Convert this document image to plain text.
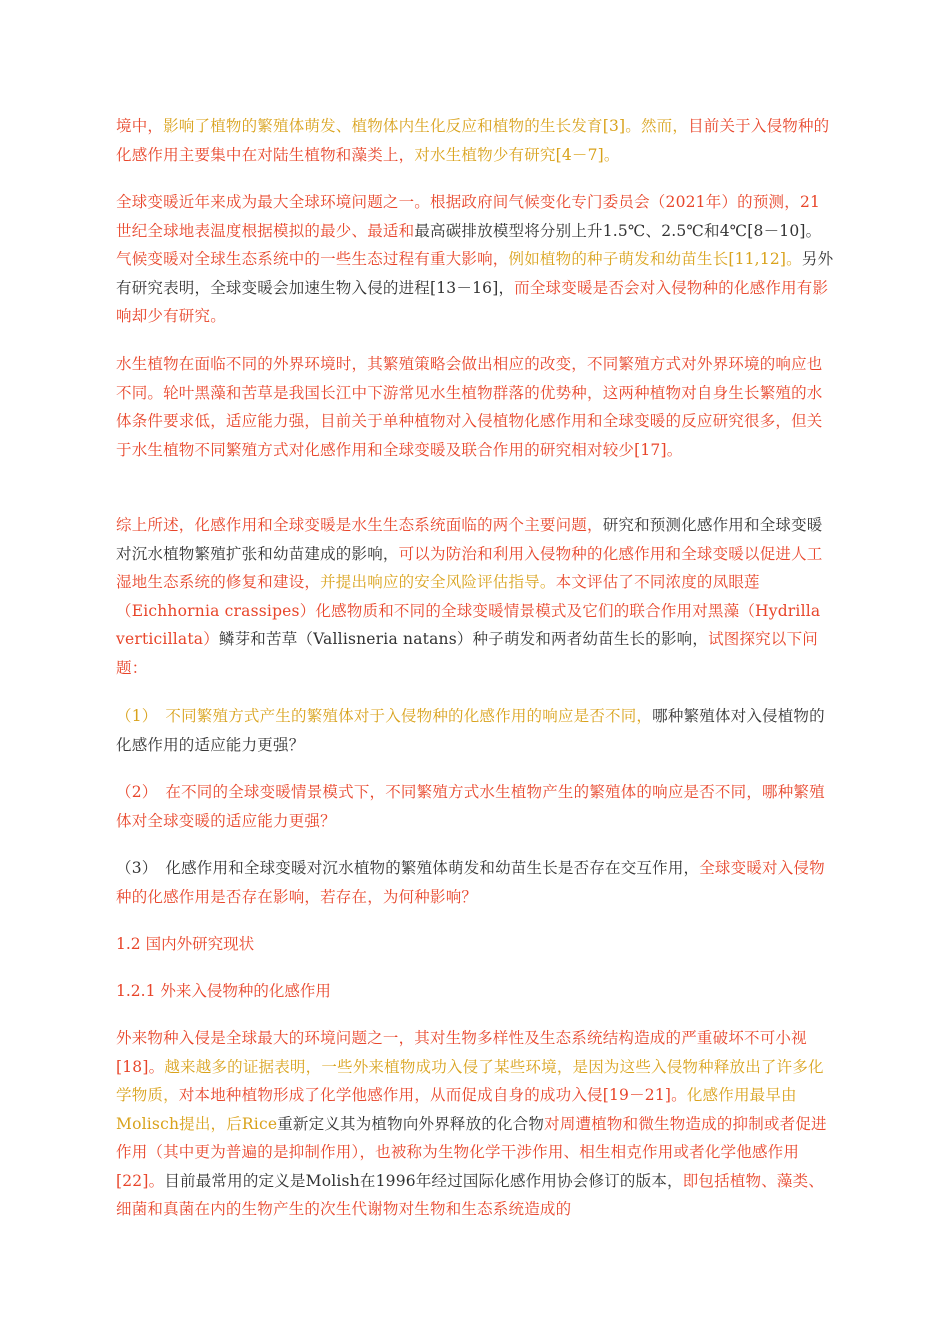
境中，影响了植物的繁殖体萌发、植物体内生化反应和植物的生长发育[3]。然而，目前关于入侵物种的化感作用主要集中在对陆生植物和藻类上，对水生植物少有研究[4－7]。

全球变暖近年来成为最大全球环境问题之一。根据政府间气候变化专门委员会（2021年）的预测，21世纪全球地表温度根据模拟的最少、最适和最高碳排放模型将分别上升1.5℃、2.5℃和4℃[8－10]。气候变暖对全球生态系统中的一些生态过程有重大影响，例如植物的种子萌发和幼苗生长[11,12]。另外有研究表明，全球变暖会加速生物入侵的进程[13－16]，而全球变暖是否会对入侵物种的化感作用有影响却少有研究。

水生植物在面临不同的外界环境时，其繁殖策略会做出相应的改变，不同繁殖方式对外界环境的响应也不同。轮叶黑藻和苦草是我国长江中下游常见水生植物群落的优势种，这两种植物对自身生长繁殖的水体条件要求低，适应能力强，目前关于单种植物对入侵植物化感作用和全球变暖的反应研究很多，但关于水生植物不同繁殖方式对化感作用和全球变暖及联合作用的研究相对较少[17]。

综上所述，化感作用和全球变暖是水生生态系统面临的两个主要问题，研究和预测化感作用和全球变暖对沉水植物繁殖扩张和幼苗建成的影响，可以为防治和利用入侵物种的化感作用和全球变暖以促进人工湿地生态系统的修复和建设，并提出响应的安全风险评估指导。本文评估了不同浓度的凤眼莲（Eichhornia crassipes）化感物质和不同的全球变暖情景模式及它们的联合作用对黑藻（Hydrilla verticillata）鳞芽和苦草（Vallisneria natans）种子萌发和两者幼苗生长的影响，试图探究以下问题：

（1）　不同繁殖方式产生的繁殖体对于入侵物种的化感作用的响应是否不同，哪种繁殖体对入侵植物的化感作用的适应能力更强？

（2）　在不同的全球变暖情景模式下，不同繁殖方式水生植物产生的繁殖体的响应是否不同，哪种繁殖体对全球变暖的适应能力更强？

（3）　化感作用和全球变暖对沉水植物的繁殖体萌发和幼苗生长是否存在交互作用，全球变暖对入侵物种的化感作用是否存在影响，若存在，为何种影响？

1.2 国内外研究现状

1.2.1 外来入侵物种的化感作用

外来物种入侵是全球最大的环境问题之一，其对生物多样性及生态系统结构造成的严重破坏不可小视[18]。越来越多的证据表明，一些外来植物成功入侵了某些环境，是因为这些入侵物种释放出了许多化学物质，对本地种植物形成了化学他感作用，从而促成自身的成功入侵[19－21]。化感作用最早由Molisch提出，后Rice重新定义其为植物向外界释放的化合物对周遭植物和微生物造成的抑制或者促进作用（其中更为普遍的是抑制作用），也被称为生物化学干涉作用、相生相克作用或者化学他感作用[22]。目前最常用的定义是Molish在1996年经过国际化感作用协会修订的版本，即包括植物、藻类、细菌和真菌在内的生物产生的次生代谢物对生物和生态系统造成的
